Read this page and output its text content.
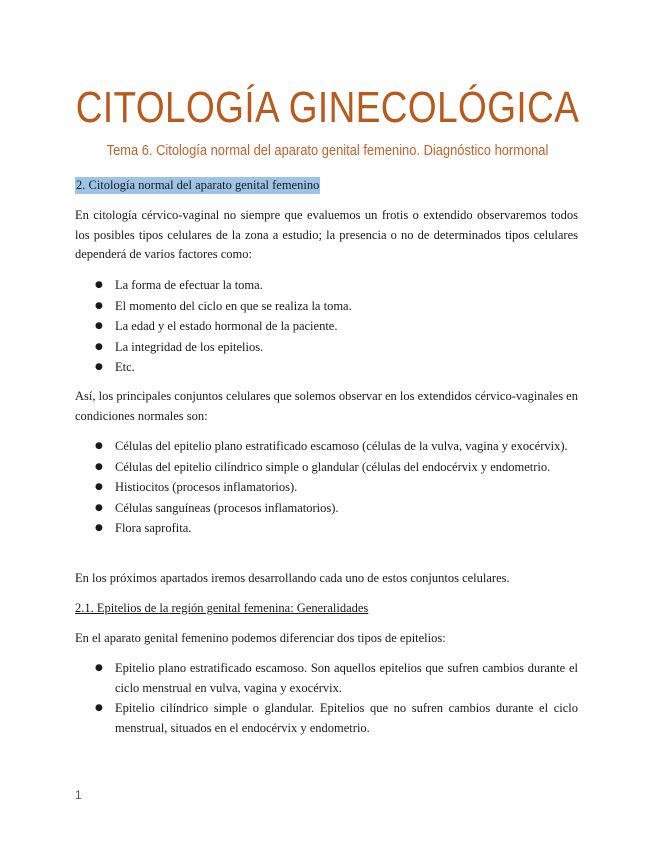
CITOLOGÍA GINECOLÓGICA
Tema 6. Citología normal del aparato genital femenino. Diagnóstico hormonal

2. Citología normal del aparato genital femenino

En citología cérvico-vaginal no siempre que evaluemos un frotis o extendido observaremos todos los posibles tipos celulares de la zona a estudio; la presencia o no de determinados tipos celulares dependerá de varios factores como:

● La forma de efectuar la toma.
● El momento del ciclo en que se realiza la toma.
● La edad y el estado hormonal de la paciente.
● La integridad de los epitelios.
● Etc.

Así, los principales conjuntos celulares que solemos observar en los extendidos cérvico-vaginales en condiciones normales son:

● Células del epitelio plano estratificado escamoso (células de la vulva, vagina y exocérvix).
● Células del epitelio cilíndrico simple o glandular (células del endocérvix y endometrio.
● Histiocitos (procesos inflamatorios).
● Células sanguíneas (procesos inflamatorios).
● Flora saprofita.

En los próximos apartados iremos desarrollando cada uno de estos conjuntos celulares.

2.1. Epitelios de la región genital femenina: Generalidades

En el aparato genital femenino podemos diferenciar dos tipos de epitelios:

● Epitelio plano estratificado escamoso. Son aquellos epitelios que sufren cambios durante el ciclo menstrual en vulva, vagina y exocérvix.
● Epitelio cilíndrico simple o glandular. Epitelios que no sufren cambios durante el ciclo menstrual, situados en el endocérvix y endometrio.
1
